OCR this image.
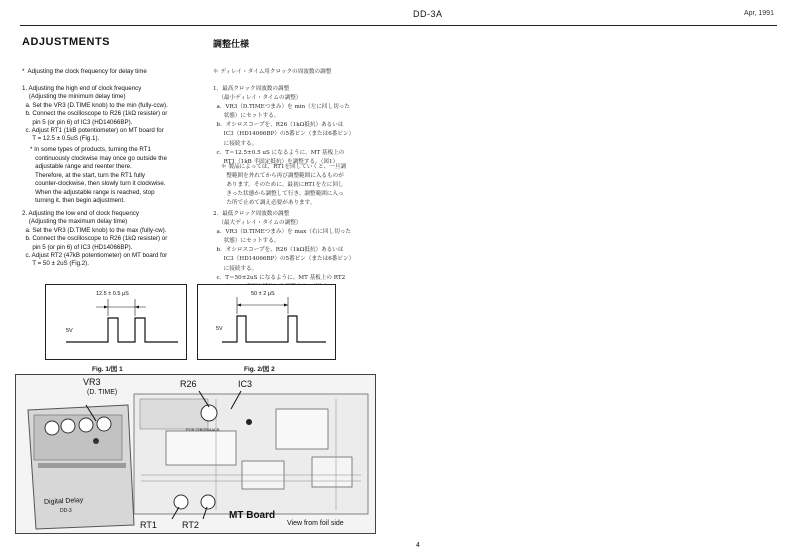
DD-3A	Apr, 1991
ADJUSTMENTS	調整仕様
*  Adjusting the clock frequency for delay time
1. Adjusting the high end of clock frequency
(Adjusting the minimum delay time)
a. Set the VR3 (D.TIME knob) to the min (fully-ccw).
b. Connect the oscilloscope to R26 (1kΩ resister) or
pin 5 (or pin 6) of IC3 (HD14066BP).
c. Adjust RT1 (1kB potentiometer) on MT board for
T = 12.5 ± 0.5uS (Fig.1).
* In some types of products, turning the RT1
continuously clockwise may once go outside the
adjustable range and reenter there.
Therefore, at the start, turn the RT1 fully
counter-clockwise, then slowly turn it clockwise.
When the adjustable range is reached, stop
turning it, then begin adjustment.
2. Adjusting the low end of clock frequency
(Adjusting the maximum delay time)
a. Set the VR3 (D.TIME knob) to the max (fully-cw).
b. Connect the oscilloscope to R26 (1kΩ resister) or
pin 5 (or pin 6) of IC3 (HD14066BP).
c. Adjust RT2 (47kB potentiometer) on MT board for
T = 50 ± 2uS (Fig.2).
＊ ディレイ・タイム用クロックの周波数の調整
1．最高クロック周波数の調整
（最小ディレイ・タイムの調整）
a．VR3（D.TIMEつまみ）を min（左に回し切った
状態）にセットする。
b．オシロスコープを、R26（1kΩ抵抗）あるいは
IC3（HD14066BP）の5番ピン（または6番ピン）
に接続する。
c．T＝12.5±0.5 uS になるように、MT 基板上の
RT1（1kB 半固定抵抗）を調整する。（図1）
＊ 製品によっては、RT1を回していくと、一旦調
整範囲を外れてから再び調整範囲に入るものが
あります。そのために、最初にRT1を左に回し
きった状態から調整して行き、調整範囲に入っ
た所で止めて調え必要があります。
2．最低クロック周波数の調整
（最大ディレイ・タイムの調整）
a．VR3（D.TIMEつまみ）を max（右に回し切った
状態）にセットする。
b．オシロスコープを、R26（1kΩ抵抗）あるいは
IC3（HD14066BP）の5番ピン（または6番ピン）
に接続する。
c．T＝50±2uS になるように、MT 基板上の RT2

12.5 ± 0.5 μS
5V
Fig. 1/図 1
50 ± 2 μS
5V
Fig. 2/図 2
VR3
(D. TIME)
R26	IC3
RT1	RT2
MT Board
View from foil side
Digital Delay
DD-3
PCB 22B2006ACB
4
